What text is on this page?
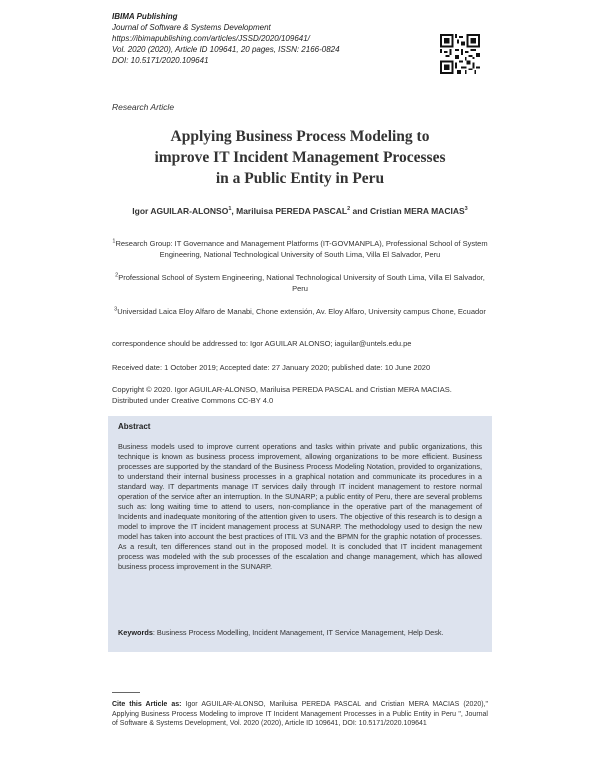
IBIMA Publishing
Journal of Software & Systems Development
https://ibimapublishing.com/articles/JSSD/2020/109641/
Vol. 2020 (2020), Article ID 109641, 20 pages, ISSN: 2166-0824
DOI: 10.5171/2020.109641
Research Article
Applying Business Process Modeling to
improve IT Incident Management Processes
in a Public Entity in Peru
Igor AGUILAR-ALONSO$^1$, Mariluisa PEREDA PASCAL$^2$ and Cristian MERA MACIAS$^3$
$^1$Research Group: IT Governance and Management Platforms (IT-GOVMANPLA), Professional School of System Engineering, National Technological University of South Lima, Villa El Salvador, Peru
$^2$Professional School of System Engineering, National Technological University of South Lima, Villa El Salvador, Peru
$^3$Universidad Laica Eloy Alfaro de Manabi, Chone extensión, Av. Eloy Alfaro, University campus Chone, Ecuador
correspondence should be addressed to: Igor AGUILAR ALONSO; iaguilar@untels.edu.pe
Received date: 1 October 2019; Accepted date: 27 January 2020; published date: 10 June 2020
Copyright © 2020. Igor AGUILAR-ALONSO, Mariluisa PEREDA PASCAL and Cristian MERA MACIAS. Distributed under Creative Commons CC-BY 4.0
Abstract
Business models used to improve current operations and tasks within private and public organizations, this technique is known as business process improvement, allowing organizations to be more efficient. Business processes are supported by the standard of the Business Process Modeling Notation, provided to organizations, to understand their internal business processes in a graphical notation and communicate its procedures in a standard way. IT departments manage IT services daily through IT incident management to restore normal operation of the service after an interruption. In the SUNARP; a public entity of Peru, there are several problems such as: long waiting time to attend to users, non-compliance in the operative part of the management of Incidents and inadequate monitoring of the attention given to users. The objective of this research is to design a model to improve the IT incident management process at SUNARP. The methodology used to design the new model has taken into account the best practices of ITIL V3 and the BPMN for the graphic notation of processes. As a result, ten differences stand out in the proposed model. It is concluded that IT incident management process was modeled with the sub processes of the escalation and change management, which has allowed business process improvement in the SUNARP.
Keywords: Business Process Modelling, Incident Management, IT Service Management, Help Desk.
Cite this Article as: Igor AGUILAR-ALONSO, Mariluisa PEREDA PASCAL and Cristian MERA MACIAS (2020)," Applying Business Process Modeling to improve IT Incident Management Processes in a Public Entity in Peru ", Journal of Software & Systems Development, Vol. 2020 (2020), Article ID 109641, DOI: 10.5171/2020.109641
